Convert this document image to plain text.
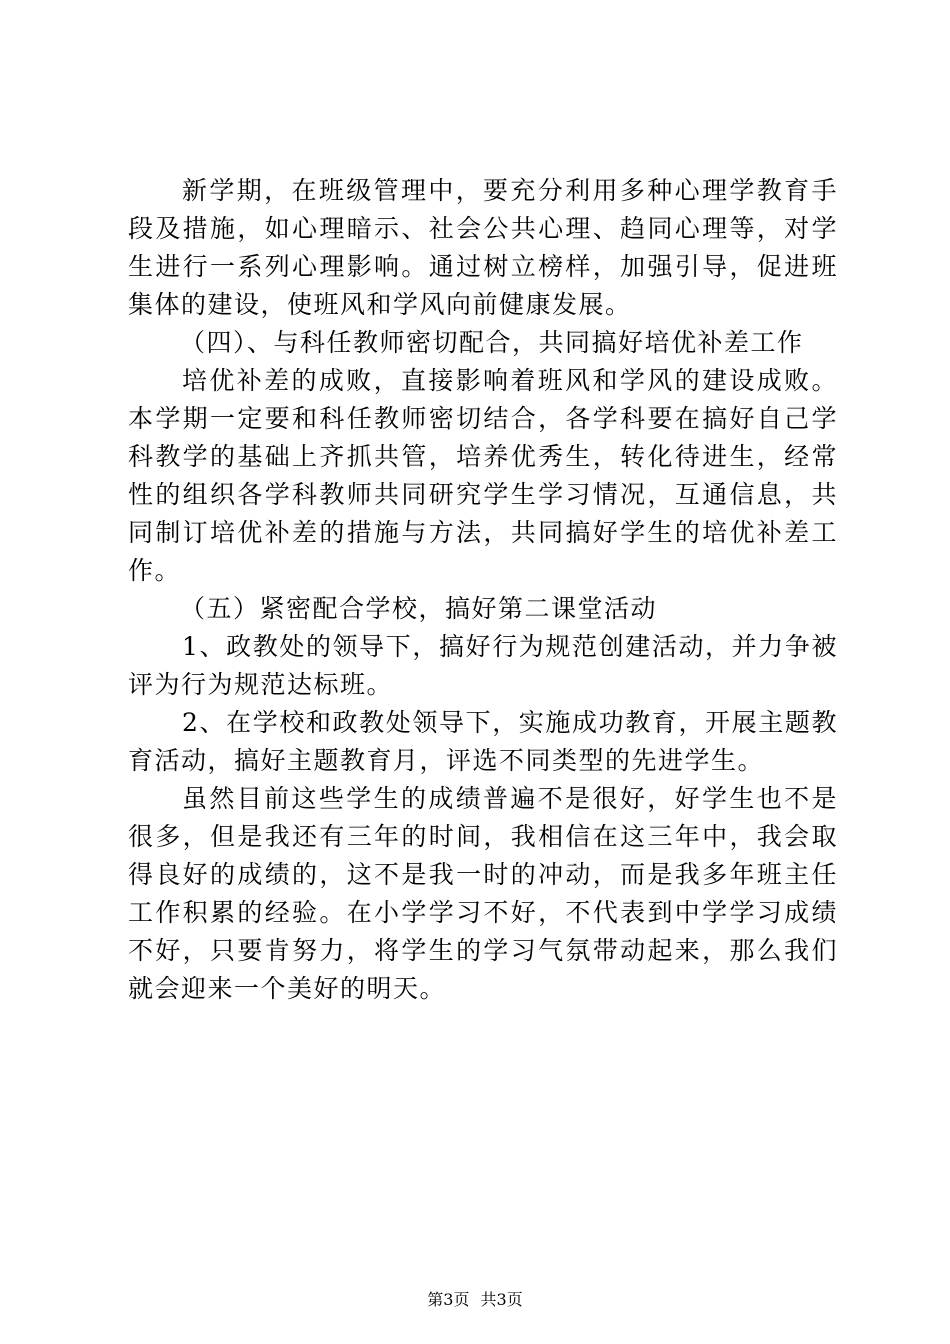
新学期，在班级管理中，要充分利用多种心理学教育手段及措施，如心理暗示、社会公共心理、趋同心理等，对学生进行一系列心理影响。通过树立榜样，加强引导，促进班集体的建设，使班风和学风向前健康发展。

（四）、与科任教师密切配合，共同搞好培优补差工作

培优补差的成败，直接影响着班风和学风的建设成败。本学期一定要和科任教师密切结合，各学科要在搞好自己学科教学的基础上齐抓共管，培养优秀生，转化待进生，经常性的组织各学科教师共同研究学生学习情况，互通信息，共同制订培优补差的措施与方法，共同搞好学生的培优补差工作。

（五）紧密配合学校，搞好第二课堂活动

1、政教处的领导下，搞好行为规范创建活动，并力争被评为行为规范达标班。

2、在学校和政教处领导下，实施成功教育，开展主题教育活动，搞好主题教育月，评选不同类型的先进学生。

虽然目前这些学生的成绩普遍不是很好，好学生也不是很多，但是我还有三年的时间，我相信在这三年中，我会取得良好的成绩的，这不是我一时的冲动，而是我多年班主任工作积累的经验。在小学学习不好，不代表到中学学习成绩不好，只要肯努力，将学生的学习气氛带动起来，那么我们就会迎来一个美好的明天。

第3页 共3页
